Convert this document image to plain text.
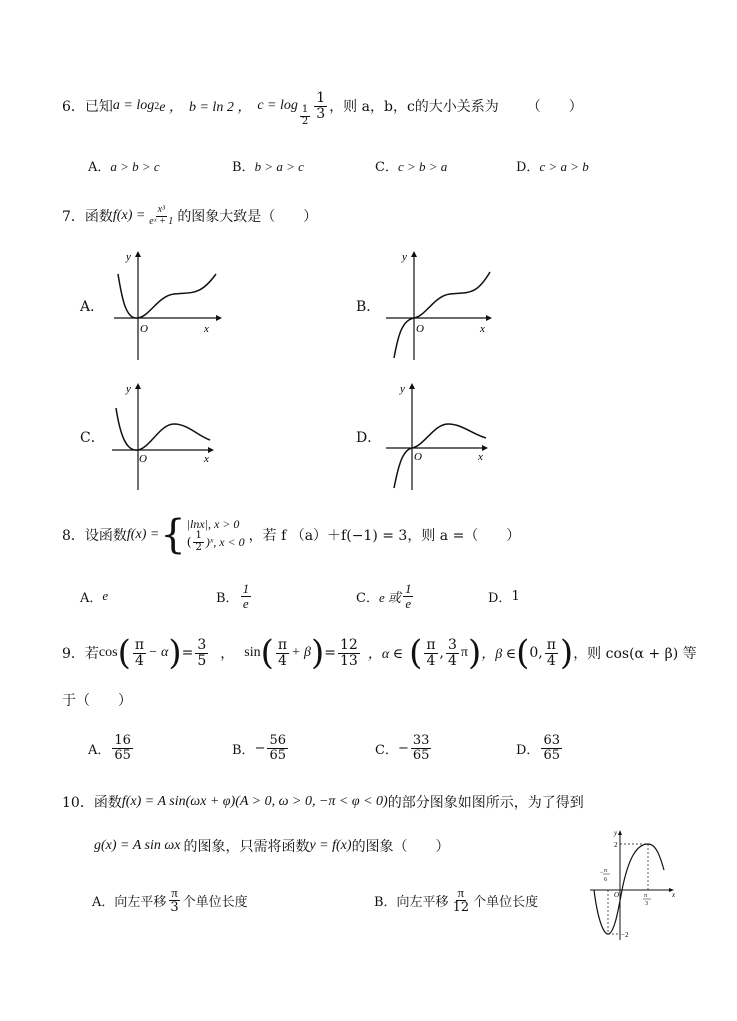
6． 已知 a = log 2 e ， b = ln 2 ， $c = \log \frac{1}{2} \frac{1}{3}$ ，则 a，b，c的大小关系为 （　　）
A．a > b > c	B．b > a > c	C．c > b > a	D．c > a > b
7． 函数 $f(x) = \frac{\text{x³}}{\text{eˣ + 1}}$ 的图象大致是（　　）
A．
y
x
O
B．
y
x
O
C．
y
x
O
D．
y
x
O
8． 设函数 f(x) = { |lnx|, x > 0
( $\frac{1}{2}$ )ˣ, x < 0 ，若 f （a）＋f(−1) = 3，则 a =（　　）
A． e	B． $\frac{1}{e}$	C． e 或 $\frac{1}{e}$	D． 1
9． 若 cos ( $\frac{\pi}{4} - \alpha$ ) = $\frac{3}{5}$ ， sin ( $\frac{\pi}{4} + \beta$ ) = $\frac{12}{13}$ ，α ∈ ( $\frac{\pi}{4}$ , $\frac{3}{4}$ π ) ，β ∈ ( 0, $\frac{\pi}{4}$ ) ，则 cos(α + β) 等
于（　　）
A． $\frac{16}{65}$	B． − $\frac{56}{65}$	C． − $\frac{33}{65}$	D． $\frac{63}{65}$
10． 函数 f(x) = A sin(ωx + φ)(A > 0, ω > 0, −π < φ < 0) 的部分图象如图所示，为了得到
g(x) = A sin ωx 的图象，只需将函数 y = f(x) 的图象（　　）
A．向左平移 $\frac{\pi}{3}$ 个单位长度	B．向左平移 $\frac{\pi}{12}$ 个单位长度
y
x
O
2
−2
− π
6
π
3
